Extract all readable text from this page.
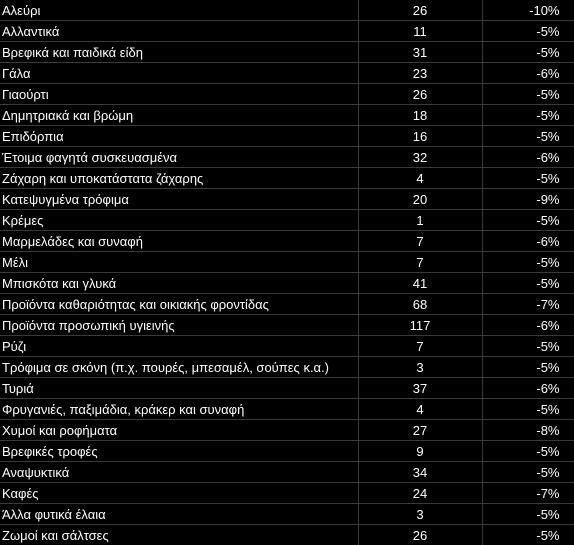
Αλεύρι	26	-10%
Αλλαντικά	11	-5%
Βρεφικά και παιδικά είδη	31	-5%
Γάλα	23	-6%
Γιαούρτι	26	-5%
Δημητριακά και βρώμη	18	-5%
Επιδόρπια	16	-5%
Έτοιμα φαγητά συσκευασμένα	32	-6%
Ζάχαρη και υποκατάστατα ζάχαρης	4	-5%
Κατεψυγμένα τρόφιμα	20	-9%
Κρέμες	1	-5%
Μαρμελάδες και συναφή	7	-6%
Μέλι	7	-5%
Μπισκότα και γλυκά	41	-5%
Προϊόντα καθαριότητας και οικιακής φροντίδας	68	-7%
Προϊόντα προσωπική υγιεινής	117	-6%
Ρύζι	7	-5%
Τρόφιμα σε σκόνη (π.χ. πουρές, μπεσαμέλ, σούπες κ.α.)	3	-5%
Τυριά	37	-6%
Φρυγανιές, παξιμάδια, κράκερ και συναφή	4	-5%
Χυμοί και ροφήματα	27	-8%
Βρεφικές τροφές	9	-5%
Αναψυκτικά	34	-5%
Καφές	24	-7%
Άλλα φυτικά έλαια	3	-5%
Ζωμοί και σάλτσες	26	-5%
